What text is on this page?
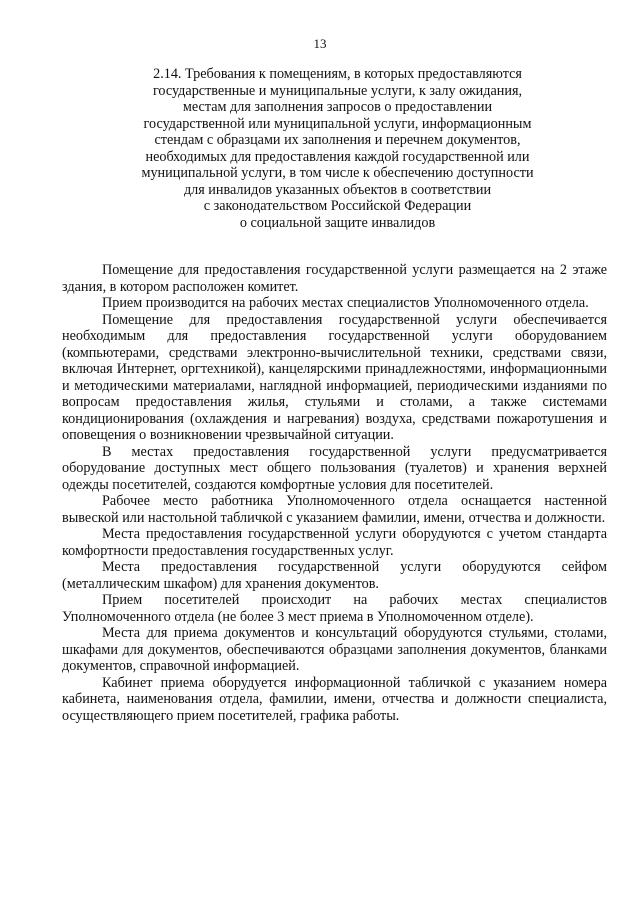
13
2.14. Требования к помещениям, в которых предоставляются
государственные и муниципальные услуги, к залу ожидания,
местам для заполнения запросов о предоставлении
государственной или муниципальной услуги, информационным
стендам с образцами их заполнения и перечнем документов,
необходимых для предоставления каждой государственной или
муниципальной услуги, в том числе к обеспечению доступности
для инвалидов указанных объектов в соответствии
с законодательством Российской Федерации
о социальной защите инвалидов

Помещение для предоставления государственной услуги размещается на 2 этаже здания, в котором расположен комитет.

Прием производится на рабочих местах специалистов Уполномоченного отдела.

Помещение для предоставления государственной услуги обеспечивается необходимым для предоставления государственной услуги оборудованием (компьютерами, средствами электронно-вычислительной техники, средствами связи, включая Интернет, оргтехникой), канцелярскими принадлежностями, информационными и методическими материалами, наглядной информацией, периодическими изданиями по вопросам предоставления жилья, стульями и столами, а также системами кондиционирования (охлаждения и нагревания) воздуха, средствами пожаротушения и оповещения о возникновении чрезвычайной ситуации.

В местах предоставления государственной услуги предусматривается оборудование доступных мест общего пользования (туалетов) и хранения верхней одежды посетителей, создаются комфортные условия для посетителей.

Рабочее место работника Уполномоченного отдела оснащается настенной вывеской или настольной табличкой с указанием фамилии, имени, отчества и должности.

Места предоставления государственной услуги оборудуются с учетом стандарта комфортности предоставления государственных услуг.

Места предоставления государственной услуги оборудуются сейфом (металлическим шкафом) для хранения документов.

Прием посетителей происходит на рабочих местах специалистов Уполномоченного отдела (не более 3 мест приема в Уполномоченном отделе).

Места для приема документов и консультаций оборудуются стульями, столами, шкафами для документов, обеспечиваются образцами заполнения документов, бланками документов, справочной информацией.

Кабинет приема оборудуется информационной табличкой с указанием номера кабинета, наименования отдела, фамилии, имени, отчества и должности специалиста, осуществляющего прием посетителей, графика работы.
